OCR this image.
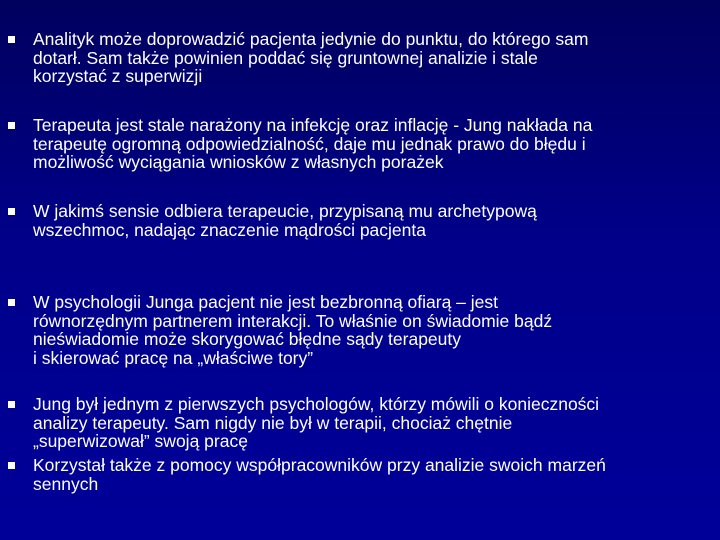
Analityk może doprowadzić pacjenta jedynie do punktu, do którego sam
dotarł. Sam także powinien poddać się gruntownej analizie i stale
korzystać z superwizji
Terapeuta jest stale narażony na infekcję oraz inflację - Jung nakłada na
terapeutę ogromną odpowiedzialność, daje mu jednak prawo do błędu i
możliwość wyciągania wniosków z własnych porażek
W jakimś sensie odbiera terapeucie, przypisaną mu archetypową
wszechmoc, nadając znaczenie mądrości pacjenta
W psychologii Junga pacjent nie jest bezbronną ofiarą – jest
równorzędnym partnerem interakcji. To właśnie on świadomie bądź
nieświadomie może skorygować błędne sądy terapeuty
i skierować pracę na „właściwe tory”
Jung był jednym z pierwszych psychologów, którzy mówili o konieczności
analizy terapeuty. Sam nigdy nie był w terapii, chociaż chętnie
„superwizował” swoją pracę
Korzystał także z pomocy współpracowników przy analizie swoich marzeń
sennych
